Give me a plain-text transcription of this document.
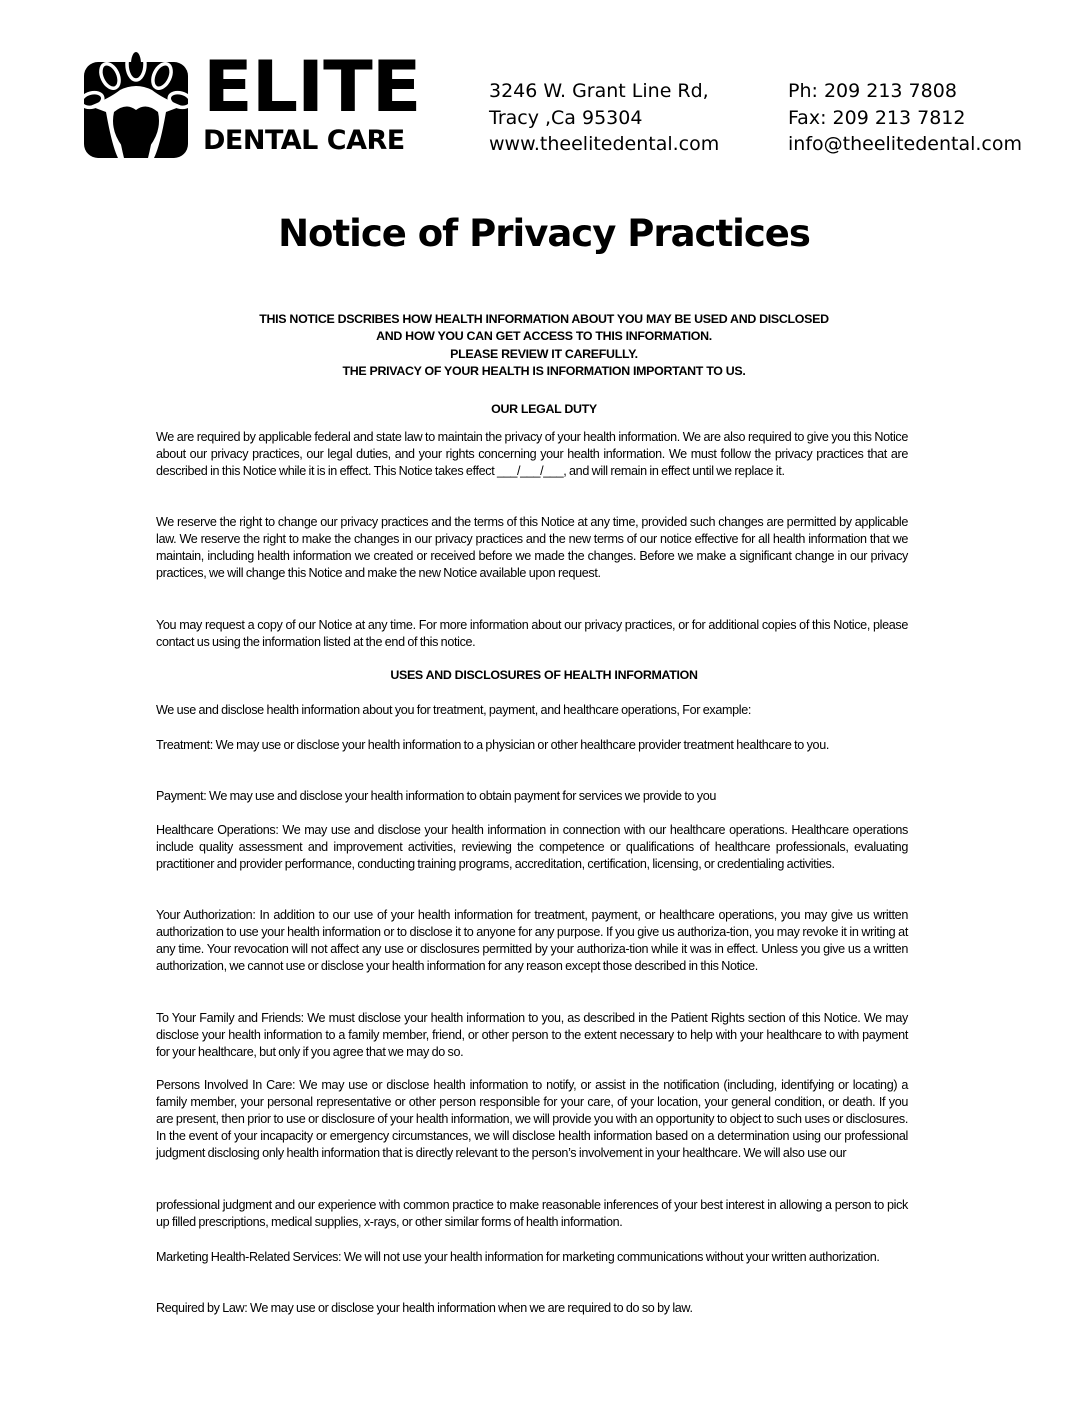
ELITE
DENTAL CARE
3246 W. Grant Line Rd,
Tracy ,Ca 95304
www.theelitedental.com
Ph: 209 213 7808
Fax: 209 213 7812
info@theelitedental.com
Notice of Privacy Practices
THIS NOTICE DSCRIBES HOW HEALTH INFORMATION ABOUT YOU MAY BE USED AND DISCLOSED
AND HOW YOU CAN GET ACCESS TO THIS INFORMATION.
PLEASE REVIEW IT CAREFULLY.
THE PRIVACY OF YOUR HEALTH IS INFORMATION IMPORTANT TO US.
OUR LEGAL DUTY
We are required by applicable federal and state law to maintain the privacy of your health information. We are also required to give you this Notice about our privacy practices, our legal duties, and your rights concerning your health information. We must follow the privacy practices that are described in this Notice while it is in effect. This Notice takes effect ___/___/___, and will remain in effect until we replace it.
We reserve the right to change our privacy practices and the terms of this Notice at any time, provided such changes are permitted by applicable law. We reserve the right to make the changes in our privacy practices and the new terms of our notice effective for all health information that we maintain, including health information we created or received before we made the changes. Before we make a significant change in our privacy practices, we will change this Notice and make the new Notice available upon request.
You may request a copy of our Notice at any time. For more information about our privacy practices, or for additional copies of this Notice, please contact us using the information listed at the end of this notice.
USES AND DISCLOSURES OF HEALTH INFORMATION
We use and disclose health information about you for treatment, payment, and healthcare operations, For example:
Treatment: We may use or disclose your health information to a physician or other healthcare provider treatment healthcare to you.
Payment: We may use and disclose your health information to obtain payment for services we provide to you
Healthcare Operations: We may use and disclose your health information in connection with our healthcare operations. Healthcare operations include quality assessment and improvement activities, reviewing the competence or qualifications of healthcare professionals, evaluating practitioner and provider performance, conducting training programs, accreditation, certification, licensing, or credentialing activities.
Your Authorization: In addition to our use of your health information for treatment, payment, or healthcare operations, you may give us written authorization to use your health information or to disclose it to anyone for any purpose. If you give us authoriza-tion, you may revoke it in writing at any time. Your revocation will not affect any use or disclosures permitted by your authoriza-tion while it was in effect. Unless you give us a written authorization, we cannot use or disclose your health information for any reason except those described in this Notice.
To Your Family and Friends: We must disclose your health information to you, as described in the Patient Rights section of this Notice. We may disclose your health information to a family member, friend, or other person to the extent necessary to help with your healthcare to with payment for your healthcare, but only if you agree that we may do so.
Persons Involved In Care: We may use or disclose health information to notify, or assist in the notification (including, identifying or locating) a family member, your personal representative or other person responsible for your care, of your location, your general condition, or death. If you are present, then prior to use or disclosure of your health information, we will provide you with an opportunity to object to such uses or disclosures. In the event of your incapacity or emergency circumstances, we will disclose health information based on a determination using our professional judgment disclosing only health information that is directly relevant to the person’s involvement in your healthcare. We will also use our
professional judgment and our experience with common practice to make reasonable inferences of your best interest in allowing a person to pick up filled prescriptions, medical supplies, x-rays, or other similar forms of health information.
Marketing Health-Related Services: We will not use your health information for marketing communications without your written authorization.
Required by Law: We may use or disclose your health information when we are required to do so by law.
